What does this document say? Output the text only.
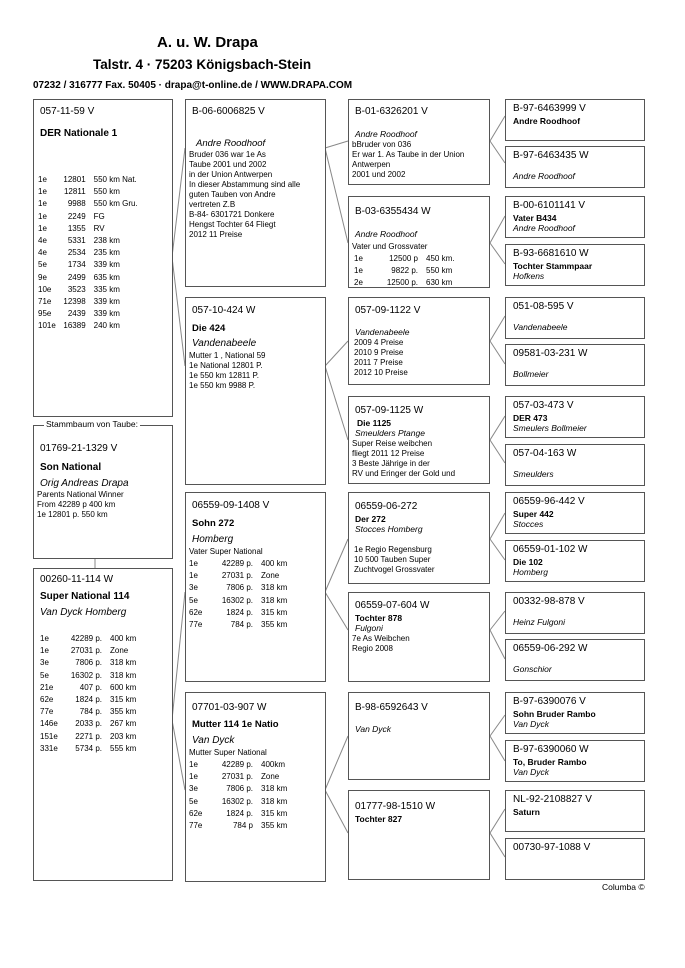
A. u. W. Drapa
Talstr. 4 · 75203 Königsbach-Stein
07232 / 316777 Fax. 50405 · drapa@t-online.de / WWW.DRAPA.COM
057-11-59 V
DER Nationale 1
1e	12801	550 km Nat.
1e	12811	550 km
1e	9988	550 km Gru.
1e	2249	FG
1e	1355	RV
4e	5331	238 km
4e	2534	235 km
5e	1734	339 km
9e	2499	635 km
10e	3523	335 km
71e	12398	339 km
95e	2439	339 km
101e	16389	240 km
Stammbaum von Taube:
01769-21-1329 V
Son National
Orig Andreas Drapa
Parents National Winner
From 42289 p 400 km
1e 12801 p. 550 km
00260-11-114 W
Super National 114
Van Dyck Homberg
1e	42289 p.	400 km
1e	27031 p.	Zone
3e	7806 p.	318 km
5e	16302 p.	318 km
21e	407 p.	600 km
62e	1824 p.	315 km
77e	784 p.	355 km
146e	2033 p.	267 km
151e	2271 p.	203 km
331e	5734 p.	555 km
B-06-6006825 V
Andre Roodhoof
Bruder 036 war 1e As
Taube 2001 und 2002
in der Union Antwerpen
In dieser Abstammung sind alle
guten Tauben von Andre
vertreten Z.B
B-84- 6301721 Donkere
Hengst Tochter 64 Fliegt
2012 11 Preise
057-10-424 W
Die 424
Vandenabeele
Mutter 1 , National 59
1e National 12801 P.
1e 550 km 12811 P.
1e 550 km 9988 P.
06559-09-1408 V
Sohn 272
Homberg
Vater Super National
1e	42289 p.	400 km
1e	27031 p.	Zone
3e	7806 p.	318 km
5e	16302 p.	318 km
62e	1824 p.	315 km
77e	784 p.	355 km
07701-03-907 W
Mutter 114 1e Natio
Van Dyck
Mutter Super National
1e	42289 p.	400km
1e	27031 p.	Zone
3e	7806 p.	318 km
5e	16302 p.	318 km
62e	1824 p.	315 km
77e	784 p	355 km
B-01-6326201 V
Andre Roodhoof
bBruder von 036
Er war 1. As Taube in der Union
Antwerpen
2001 und 2002
B-03-6355434 W
Andre Roodhoof
Vater und Grossvater
1e	12500 p	450 km.
1e	9822 p.	550 km
2e	12500 p.	630 km
057-09-1122 V
Vandenabeele
2009 4 Preise
2010 9 Preise
2011 7 Preise
2012 10 Preise
057-09-1125 W
Die 1125
Smeulders Ptange
Super Reise weibchen
fliegt 2011 12 Preise
3 Beste Jährige in der
RV und Eringer der Gold und
06559-06-272
Der 272
Stocces Homberg
1e Regio Regensburg
10 500 Tauben Super
Zuchtvogel Grossvater
06559-07-604 W
Tochter 878
Fulgoni
7e As Weibchen
Regio 2008
B-98-6592643 V
Van Dyck
01777-98-1510 W
Tochter 827
B-97-6463999 V
Andre Roodhoof
B-97-6463435 W
Andre Roodhoof
B-00-6101141 V
Vater B434
Andre Roodhoof
B-93-6681610 W
Tochter Stammpaar
Hofkens
051-08-595 V
Vandenabeele
09581-03-231 W
Bollmeier
057-03-473 V
DER 473
Smeulers Bollmeier
057-04-163 W
Smeulders
06559-96-442 V
Super 442
Stocces
06559-01-102 W
Die 102
Homberg
00332-98-878 V
Heinz Fulgoni
06559-06-292 W
Gonschior
B-97-6390076 V
Sohn Bruder Rambo
Van Dyck
B-97-6390060 W
To, Bruder Rambo
Van Dyck
NL-92-2108827 V
Saturn
00730-97-1088 V
Columba ©
